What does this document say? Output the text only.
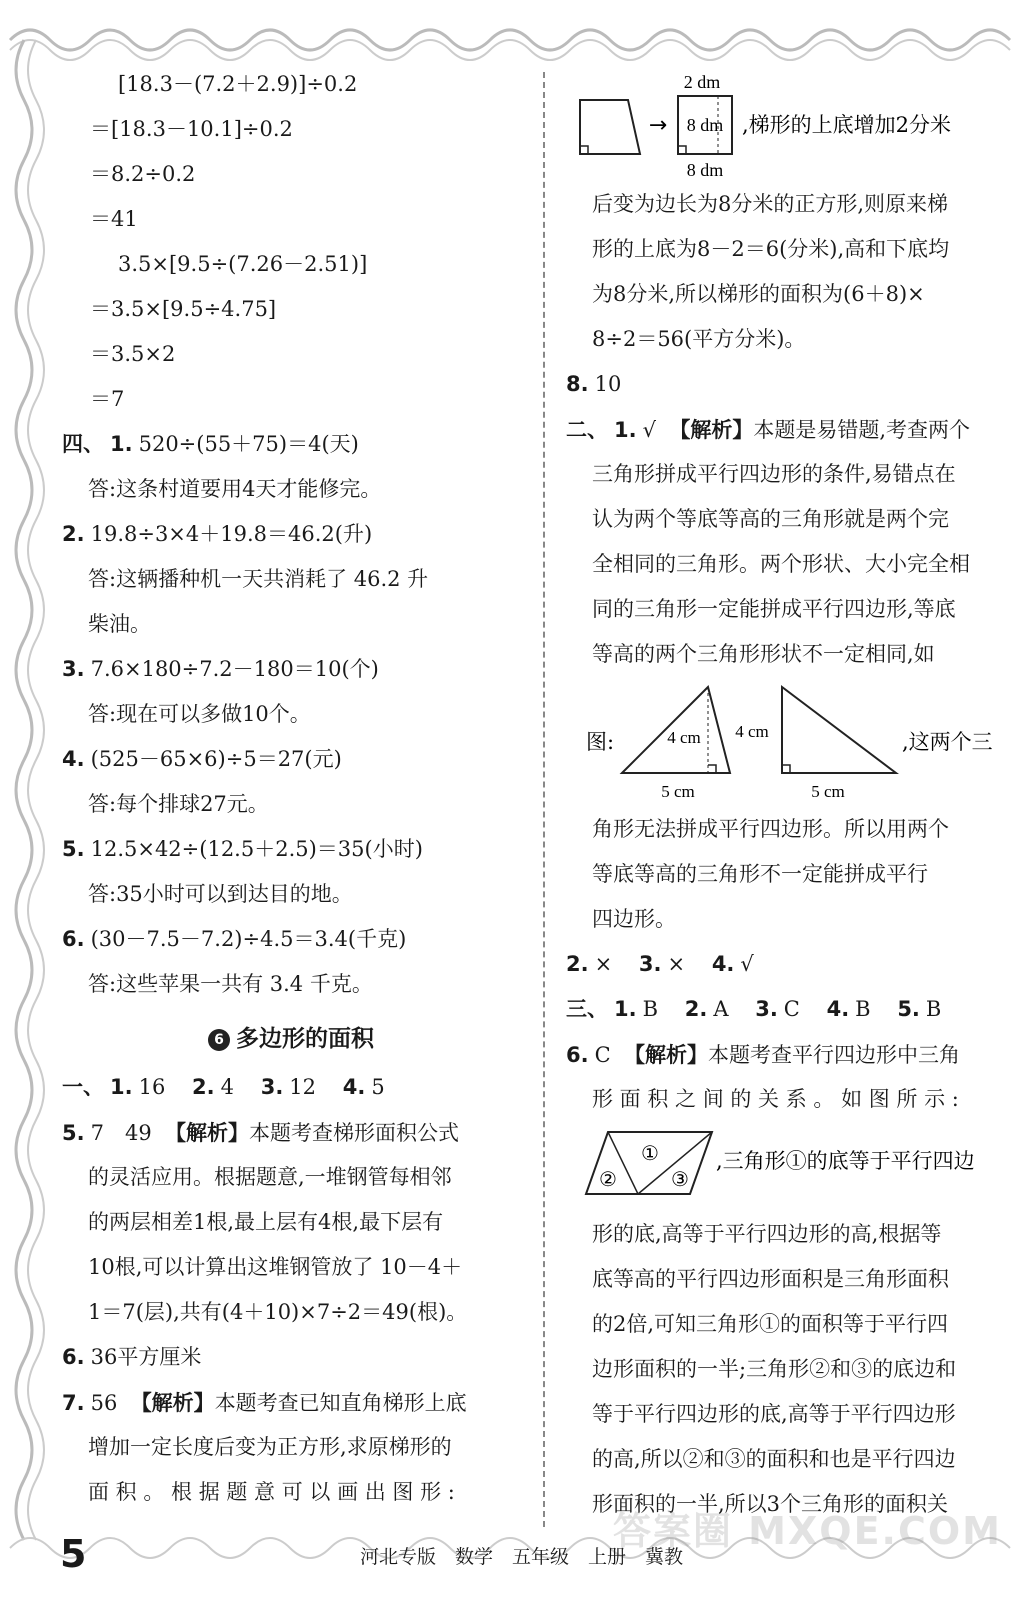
[18.3－(7.2＋2.9)]÷0.2
＝[18.3－10.1]÷0.2
＝8.2÷0.2
＝41
3.5×[9.5÷(7.26－2.51)]
＝3.5×[9.5÷4.75]
＝3.5×2
＝7
四、 1. 520÷(55＋75)＝4(天)
答:这条村道要用4天才能修完。
2. 19.8÷3×4＋19.8＝46.2(升)
答:这辆播种机一天共消耗了 46.2 升
柴油。
3. 7.6×180÷7.2－180＝10(个)
答:现在可以多做10个。
4. (525－65×6)÷5＝27(元)
答:每个排球27元。
5. 12.5×42÷(12.5＋2.5)＝35(小时)
答:35小时可以到达目的地。
6. (30－7.5－7.2)÷4.5＝3.4(千克)
答:这些苹果一共有 3.4 千克。
6 多边形的面积
一、 1. 16 2. 4 3. 12 4. 5
5. 7　49 【解析】本题考查梯形面积公式
的灵活应用。根据题意,一堆钢管每相邻
的两层相差1根,最上层有4根,最下层有
10根,可以计算出这堆钢管放了 10－4＋
1＝7(层),共有(4＋10)×7÷2＝49(根)。
6. 36平方厘米
7. 56 【解析】本题考查已知直角梯形上底
增加一定长度后变为正方形,求原梯形的
面 积 。 根 据 题 意 可 以 画 出 图 形 :
2 dm
8 dm
8 dm
→	,梯形的上底增加2分米
后变为边长为8分米的正方形,则原来梯
形的上底为8－2＝6(分米),高和下底均
为8分米,所以梯形的面积为(6＋8)×
8÷2＝56(平方分米)。
8. 10
二、 1. √ 【解析】本题是易错题,考查两个
三角形拼成平行四边形的条件,易错点在
认为两个等底等高的三角形就是两个完
全相同的三角形。两个形状、大小完全相
同的三角形一定能拼成平行四边形,等底
等高的两个三角形形状不一定相同,如
图:	4 cm
5 cm
4 cm
5 cm
,这两个三
角形无法拼成平行四边形。所以用两个
等底等高的三角形不一定能拼成平行
四边形。
2. × 3. × 4. √
三、 1. B 2. A 3. C 4. B 5. B
6. C 【解析】本题考查平行四边形中三角
形 面 积 之 间 的 关 系 。 如 图 所 示 :
①
②	③
,三角形①的底等于平行四边
形的底,高等于平行四边形的高,根据等
底等高的平行四边形面积是三角形面积
的2倍,可知三角形①的面积等于平行四
边形面积的一半;三角形②和③的底边和
等于平行四边形的底,高等于平行四边形
的高,所以②和③的面积和也是平行四边
形面积的一半,所以3个三角形的面积关
答案圈 MXQE.COM
5	河北专版　数学　五年级　上册　冀教
